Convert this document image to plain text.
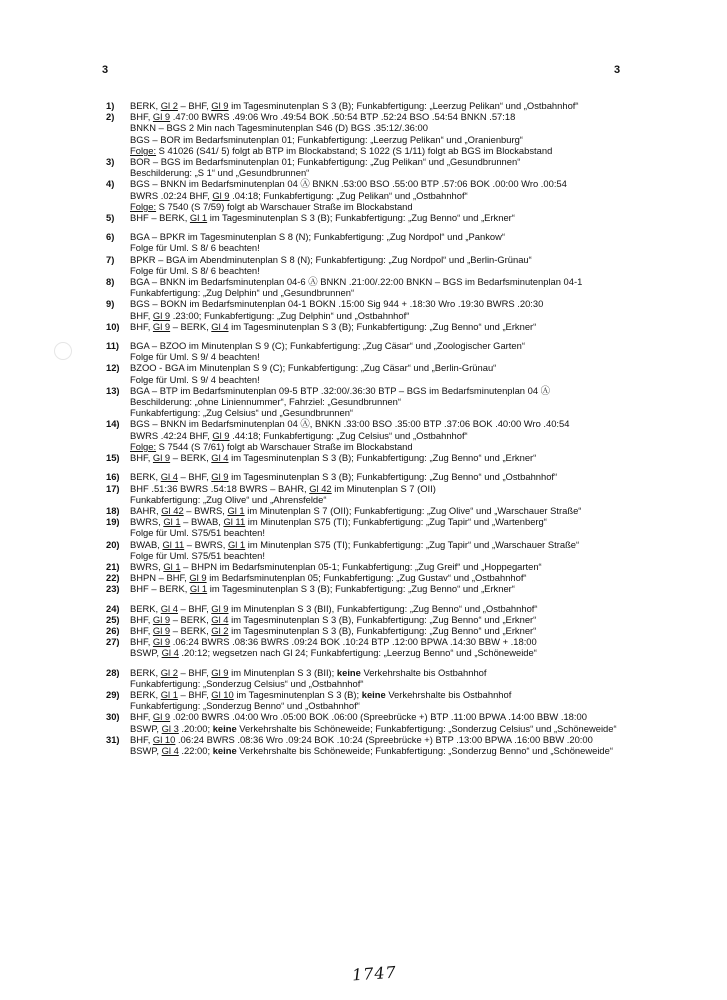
3	3
1)	BERK, Gl 2 – BHF, Gl 9 im Tagesminutenplan S 3 (B); Funkabfertigung: „Leerzug Pelikan“ und „Ostbahnhof“
2)	BHF, Gl 9 .47:00 BWRS .49:06 Wro .49:54 BOK .50:54 BTP .52:24 BSO .54:54 BNKN .57:18
BNKN – BGS 2 Min nach Tagesminutenplan S46 (D) BGS .35:12/.36:00
BGS – BOR im Bedarfsminutenplan 01; Funkabfertigung: „Leerzug Pelikan“ und „Oranienburg“
Folge: S 41026 (S41/ 5) folgt ab BTP im Blockabstand; S 1022 (S 1/11) folgt ab BGS im Blockabstand
3)	BOR – BGS im Bedarfsminutenplan 01; Funkabfertigung: „Zug Pelikan“ und „Gesundbrunnen“
Beschilderung: „S 1“ und „Gesundbrunnen“
4)	BGS – BNKN im Bedarfsminutenplan 04 Ⓐ BNKN .53:00 BSO .55:00 BTP .57:06 BOK .00:00 Wro .00:54
BWRS .02:24 BHF, Gl 9 .04:18; Funkabfertigung: „Zug Pelikan“ und „Ostbahnhof“
Folge: S 7540 (S 7/59) folgt ab Warschauer Straße im Blockabstand
5)	BHF – BERK, Gl 1 im Tagesminutenplan S 3 (B); Funkabfertigung: „Zug Benno“ und „Erkner“
6)	BGA – BPKR im Tagesminutenplan S 8 (N); Funkabfertigung: „Zug Nordpol“ und „Pankow“
Folge für Uml. S 8/ 6 beachten!
7)	BPKR – BGA im Abendminutenplan S 8 (N); Funkabfertigung: „Zug Nordpol“ und „Berlin-Grünau“
Folge für Uml. S 8/ 6 beachten!
8)	BGA – BNKN im Bedarfsminutenplan 04-6 Ⓐ BNKN .21:00/.22:00 BNKN – BGS im Bedarfsminutenplan 04-1
Funkabfertigung: „Zug Delphin“ und „Gesundbrunnen“
9)	BGS – BOKN im Bedarfsminutenplan 04-1 BOKN .15:00 Sig 944 + .18:30 Wro .19:30 BWRS .20:30
BHF, Gl 9 .23:00; Funkabfertigung: „Zug Delphin“ und „Ostbahnhof“
10)	BHF, Gl 9 – BERK, Gl 4 im Tagesminutenplan S 3 (B); Funkabfertigung: „Zug Benno“ und „Erkner“
11)	BGA – BZOO im Minutenplan S 9 (C); Funkabfertigung: „Zug Cäsar“ und „Zoologischer Garten“
Folge für Uml. S 9/ 4 beachten!
12)	BZOO - BGA im Minutenplan S 9 (C); Funkabfertigung: „Zug Cäsar“ und „Berlin-Grünau“
Folge für Uml. S 9/ 4 beachten!
13)	BGA – BTP im Bedarfsminutenplan 09-5 BTP .32:00/.36:30 BTP – BGS im Bedarfsminutenplan 04 Ⓐ
Beschilderung: „ohne Liniennummer“, Fahrziel: „Gesundbrunnen“
Funkabfertigung: „Zug Celsius“ und „Gesundbrunnen“
14)	BGS – BNKN im Bedarfsminutenplan 04 Ⓐ, BNKN .33:00 BSO .35:00 BTP .37:06 BOK .40:00 Wro .40:54
BWRS .42:24 BHF, Gl 9 .44:18; Funkabfertigung: „Zug Celsius“ und „Ostbahnhof“
Folge: S 7544 (S 7/61) folgt ab Warschauer Straße im Blockabstand
15)	BHF, Gl 9 – BERK, Gl 4 im Tagesminutenplan S 3 (B); Funkabfertigung: „Zug Benno“ und „Erkner“
16)	BERK, Gl 4 – BHF, Gl 9 im Tagesminutenplan S 3 (B); Funkabfertigung: „Zug Benno“ und „Ostbahnhof“
17)	BHF .51:36 BWRS .54:18 BWRS – BAHR, Gl 42 im Minutenplan S 7 (OII)
Funkabfertigung: „Zug Olive“ und „Ahrensfelde“
18)	BAHR, Gl 42 – BWRS, Gl 1 im Minutenplan S 7 (OII); Funkabfertigung: „Zug Olive“ und „Warschauer Straße“
19)	BWRS, Gl 1 – BWAB, Gl 11 im Minutenplan S75 (TI); Funkabfertigung: „Zug Tapir“ und „Wartenberg“
Folge für Uml. S75/51 beachten!
20)	BWAB, Gl 11 – BWRS, Gl 1 im Minutenplan S75 (TI); Funkabfertigung: „Zug Tapir“ und „Warschauer Straße“
Folge für Uml. S75/51 beachten!
21)	BWRS, Gl 1 – BHPN im Bedarfsminutenplan 05-1; Funkabfertigung: „Zug Greif“ und „Hoppegarten“
22)	BHPN – BHF, Gl 9 im Bedarfsminutenplan 05; Funkabfertigung: „Zug Gustav“ und „Ostbahnhof“
23)	BHF – BERK, Gl 1 im Tagesminutenplan S 3 (B); Funkabfertigung: „Zug Benno“ und „Erkner“
24)	BERK, Gl 4 – BHF, Gl 9 im Minutenplan S 3 (BII), Funkabfertigung: „Zug Benno“ und „Ostbahnhof“
25)	BHF, Gl 9 – BERK, Gl 4 im Tagesminutenplan S 3 (B), Funkabfertigung: „Zug Benno“ und „Erkner“
26)	BHF, Gl 9 – BERK, Gl 2 im Tagesminutenplan S 3 (B), Funkabfertigung: „Zug Benno“ und „Erkner“
27)	BHF, Gl 9 .06:24 BWRS .08:36 BWRS .09:24 BOK .10:24 BTP .12:00 BPWA .14:30 BBW + .18:00
BSWP, Gl 4 .20:12; wegsetzen nach Gl 24; Funkabfertigung: „Leerzug Benno“ und „Schöneweide“
28)	BERK, Gl 2 – BHF, Gl 9 im Minutenplan S 3 (BII); keine Verkehrshalte bis Ostbahnhof
Funkabfertigung: „Sonderzug Celsius“ und „Ostbahnhof“
29)	BERK, Gl 1 – BHF, Gl 10 im Tagesminutenplan S 3 (B); keine Verkehrshalte bis Ostbahnhof
Funkabfertigung: „Sonderzug Benno“ und „Ostbahnhof“
30)	BHF, Gl 9 .02:00 BWRS .04:00 Wro .05:00 BOK .06:00 (Spreebrücke +) BTP .11:00 BPWA .14:00 BBW .18:00
BSWP, Gl 3 .20:00; keine Verkehrshalte bis Schöneweide; Funkabfertigung: „Sonderzug Celsius“ und „Schöneweide“
31)	BHF, Gl 10 .06:24 BWRS .08:36 Wro .09:24 BOK .10:24 (Spreebrücke +) BTP .13:00 BPWA .16:00 BBW .20:00
BSWP, Gl 4 .22:00; keine Verkehrshalte bis Schöneweide; Funkabfertigung: „Sonderzug Benno“ und „Schöneweide“
1747
